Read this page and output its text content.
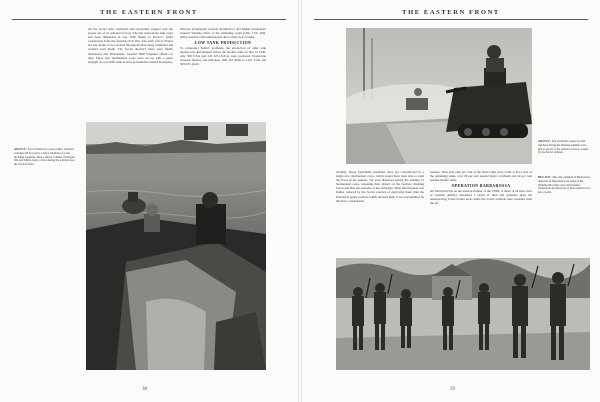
THE EASTERN FRONT

On the Soviet side, confusion and uncertainty reigned over the proper use of its armoured forces. The last stand-alone tank corps had been disbanded in late 1939 thanks to Pavlov's faulty conclusions from the Spanish Civil War. The swift fall of France led any doubts to be resolved through the Red Army command and reached even Stalin. The Soviet theorist's ideas were finally abandoned and Timoshenko recalled 4000 brigaded officers to duty. Three new mechanized corps were set up with a paper strength of over 1000 tanks at Kiev (Lieutenant General Kostenko),

Moscow (Lieutenant General Rotmistrov) and Minsk (Lieutenant General Vatutin). None of the remaining corps (13th, 17th, 20th, 24th) could be called mechanized due to their lack of tanks.

LOW TANK PRODUCTION

To compound Stalin's problems, the production of older tank models was discontinued before the models came on line. In 1940, only 358 T-34s and 243 KV-1/KV-2s were produced. Production between January and mid-June 1941 did climb to 1110 T-34s and 393 KVs (both

ABOVE: As in Poland two years earlier, armored columns did not prove a major hindrance for the invading Germans. Here a mixed column of PzKpfw IIIs and SdKfz crews a river during the advance into the Soviet Union.
38
THE EASTERN FRONT
ABOVE: The problems caused by dust and heat during the Russian summer were just as great for the panzers as those caused by the Soviet defence.

models). These formidable machines were not concentrated in a single new mechanized corps, which would have been able to stem the flood of the panzers, but were dispersed among the existing 12 mechanized corps, lessening their impact on the German invading forces and thus the outcome of the campaign. Their effectiveness was further reduced by the Soviet practice of deploying them (like the French) in penny packets, which allowed them to be overwhelmed by the more concentrated

panzers. Thus only nine per cent of the latest tanks were T-34s or KVs and, of the remaining tanks, over 29 per cent needed major overhauls and 44 per cent needed smaller refits.

OPERATION BARBAROSSA

All field trials lost on the western frontier of the USSR, at dawn of 22 June 1941 as German artillery unleashed a storm of shell and grenades upon the unsuspecting Soviet border areas while the Soviet airfields were pounded from the air.

BELOW: The only example of Barbarossa depicted an important look some of the Wehrmacht's units were still infantry formations and the level of motorization was less overall.
39
